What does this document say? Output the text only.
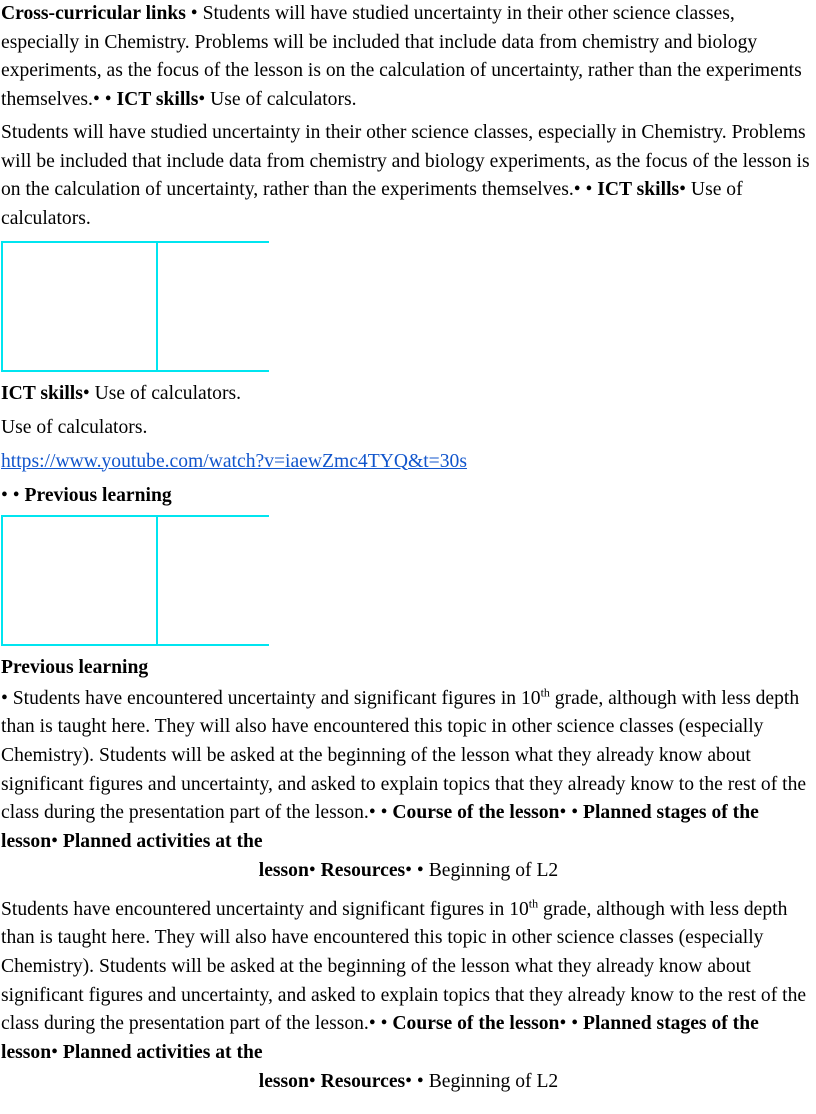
Cross-curricular links • Students will have studied uncertainty in their other science classes, especially in Chemistry. Problems will be included that include data from chemistry and biology experiments, as the focus of the lesson is on the calculation of uncertainty, rather than the experiments themselves.• • ICT skills• Use of calculators.

Students will have studied uncertainty in their other science classes, especially in Chemistry. Problems will be included that include data from chemistry and biology experiments, as the focus of the lesson is on the calculation of uncertainty, rather than the experiments themselves.• • ICT skills• Use of calculators.

ICT skills• Use of calculators.

Use of calculators.

https://www.youtube.com/watch?v=iaewZmc4TYQ&t=30s

• • Previous learning

Previous learning

• Students have encountered uncertainty and significant figures in 10th grade, although with less depth than is taught here. They will also have encountered this topic in other science classes (especially Chemistry). Students will be asked at the beginning of the lesson what they already know about significant figures and uncertainty, and asked to explain topics that they already know to the rest of the class during the presentation part of the lesson.• • Course of the lesson• • Planned stages of the lesson• Planned activities at the

lesson• Resources• • Beginning of L2

Students have encountered uncertainty and significant figures in 10th grade, although with less depth than is taught here. They will also have encountered this topic in other science classes (especially Chemistry). Students will be asked at the beginning of the lesson what they already know about significant figures and uncertainty, and asked to explain topics that they already know to the rest of the class during the presentation part of the lesson.• • Course of the lesson• • Planned stages of the lesson• Planned activities at the

lesson• Resources• • Beginning of L2
